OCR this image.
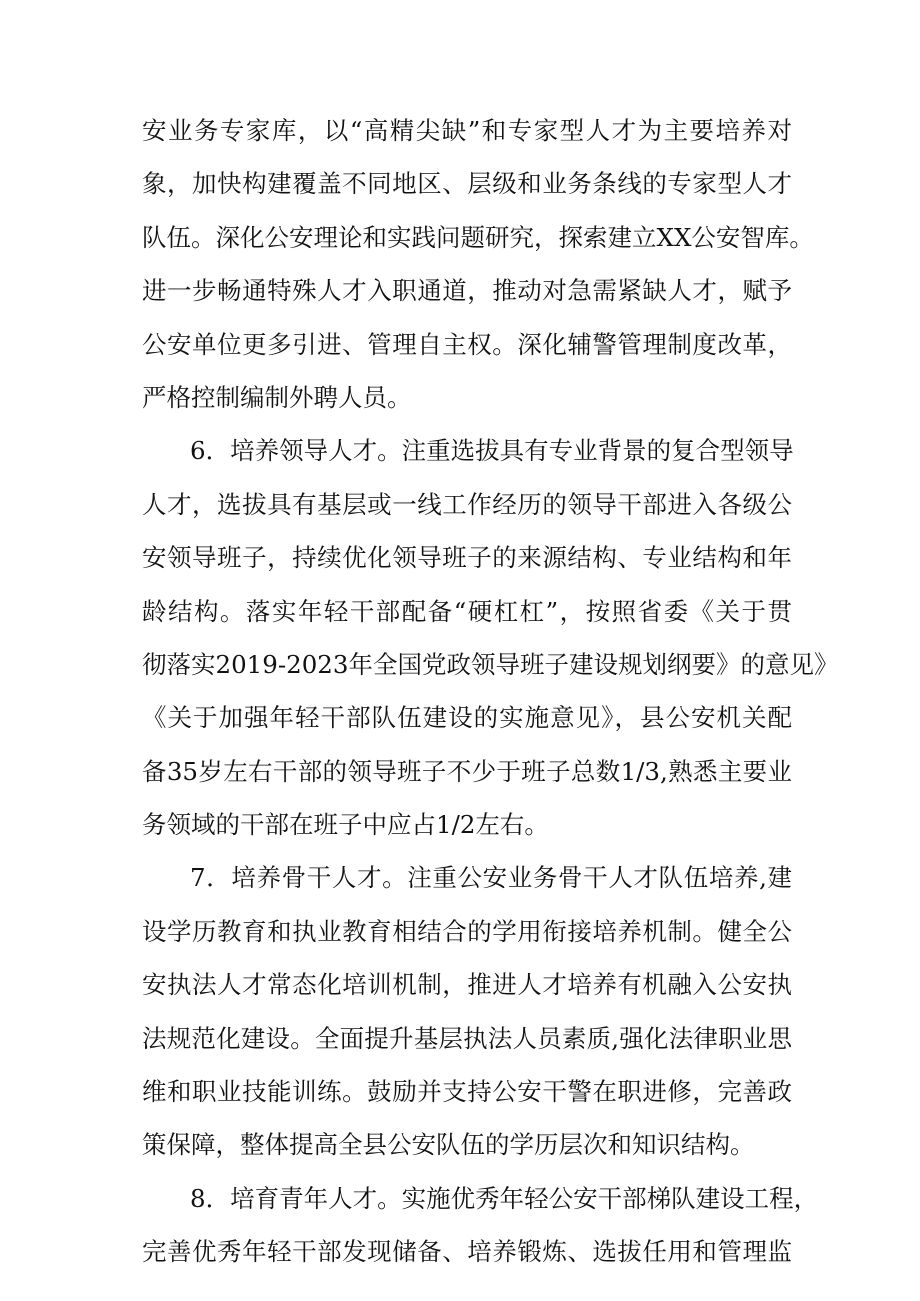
安业务专家库，以“高精尖缺”和专家型人才为主要培养对
象，加快构建覆盖不同地区、层级和业务条线的专家型人才
队伍。深化公安理论和实践问题研究，探索建立XX公安智库。
进一步畅通特殊人才入职通道，推动对急需紧缺人才，赋予
公安单位更多引进、管理自主权。深化辅警管理制度改革，
严格控制编制外聘人员。
6．培养领导人才。注重选拔具有专业背景的复合型领导
人才，选拔具有基层或一线工作经历的领导干部进入各级公
安领导班子，持续优化领导班子的来源结构、专业结构和年
龄结构。落实年轻干部配备“硬杠杠”，按照省委《关于贯
彻落实2019-2023年全国党政领导班子建设规划纲要》的意见》
《关于加强年轻干部队伍建设的实施意见》，县公安机关配
备35岁左右干部的领导班子不少于班子总数1/3,熟悉主要业
务领域的干部在班子中应占1/2左右。
7．培养骨干人才。注重公安业务骨干人才队伍培养,建
设学历教育和执业教育相结合的学用衔接培养机制。健全公
安执法人才常态化培训机制，推进人才培养有机融入公安执
法规范化建设。全面提升基层执法人员素质,强化法律职业思
维和职业技能训练。鼓励并支持公安干警在职进修，完善政
策保障，整体提高全县公安队伍的学历层次和知识结构。
8．培育青年人才。实施优秀年轻公安干部梯队建设工程，
完善优秀年轻干部发现储备、培养锻炼、选拔任用和管理监
